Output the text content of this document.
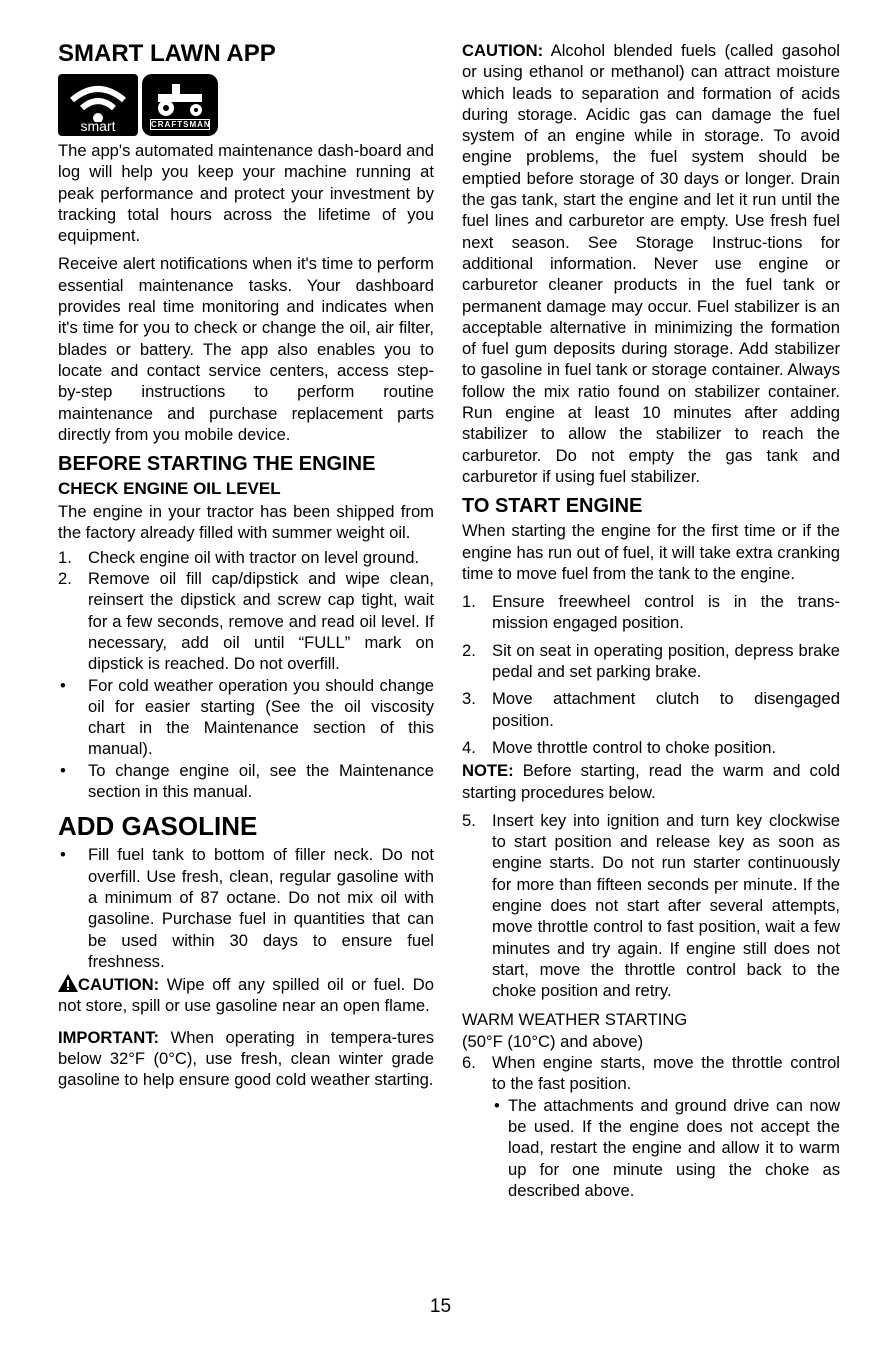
SMART LAWN APP
smart	CRAFTSMAN

The app's automated maintenance dash-board and log will help you keep your machine running at peak performance and protect your investment by tracking total hours across the lifetime of you equipment.

Receive alert notifications when it's time to perform essential maintenance tasks. Your dashboard provides real time monitoring and indicates when it's time for you to check or change the oil, air filter, blades or battery. The app also enables you to locate and contact service centers, access step-by-step instructions to perform routine maintenance and purchase replacement parts directly from you mobile device.

BEFORE STARTING THE ENGINE
CHECK ENGINE OIL LEVEL

The engine in your tractor has been shipped from the factory already filled with summer weight oil.

1. Check engine oil with tractor on level ground.
2. Remove oil fill cap/dipstick and wipe clean, reinsert the dipstick and screw cap tight, wait for a few seconds, remove and read oil level. If necessary, add oil until “FULL” mark on dipstick is reached. Do not overfill.
• For cold weather operation you should change oil for easier starting (See the oil viscosity chart in the Maintenance section of this manual).
• To change engine oil, see the Maintenance section in this manual.
ADD GASOLINE
• Fill fuel tank to bottom of filler neck. Do not overfill. Use fresh, clean, regular gasoline with a minimum of 87 octane. Do not mix oil with gasoline. Purchase fuel in quantities that can be used within 30 days to ensure fuel freshness.

CAUTION: Wipe off any spilled oil or fuel. Do not store, spill or use gasoline near an open flame.

IMPORTANT: When operating in tempera-tures below 32°F (0°C), use fresh, clean winter grade gasoline to help ensure good cold weather starting.

CAUTION: Alcohol blended fuels (called gasohol or using ethanol or methanol) can attract moisture which leads to separation and formation of acids during storage. Acidic gas can damage the fuel system of an engine while in storage. To avoid engine problems, the fuel system should be emptied before storage of 30 days or longer. Drain the gas tank, start the engine and let it run until the fuel lines and carburetor are empty. Use fresh fuel next season. See Storage Instruc-tions for additional information. Never use engine or carburetor cleaner products in the fuel tank or permanent damage may occur. Fuel stabilizer is an acceptable alternative in minimizing the formation of fuel gum deposits during storage. Add stabilizer to gasoline in fuel tank or storage container. Always follow the mix ratio found on stabilizer container. Run engine at least 10 minutes after adding stabilizer to allow the stabilizer to reach the carburetor. Do not empty the gas tank and carburetor if using fuel stabilizer.

TO START ENGINE

When starting the engine for the first time or if the engine has run out of fuel, it will take extra cranking time to move fuel from the tank to the engine.

1. Ensure freewheel control is in the trans-mission engaged position.
2. Sit on seat in operating position, depress brake pedal and set parking brake.
3. Move attachment clutch to disengaged position.
4. Move throttle control to choke position.

NOTE: Before starting, read the warm and cold starting procedures below.

5. Insert key into ignition and turn key clockwise to start position and release key as soon as engine starts. Do not run starter continuously for more than fifteen seconds per minute. If the engine does not start after several attempts, move throttle control to fast position, wait a few minutes and try again. If engine still does not start, move the throttle control back to the choke position and retry.

WARM WEATHER STARTING
(50°F (10°C) and above)

6. When engine starts, move the throttle control to the fast position.
• The attachments and ground drive can now be used. If the engine does not accept the load, restart the engine and allow it to warm up for one minute using the choke as described above.
15
